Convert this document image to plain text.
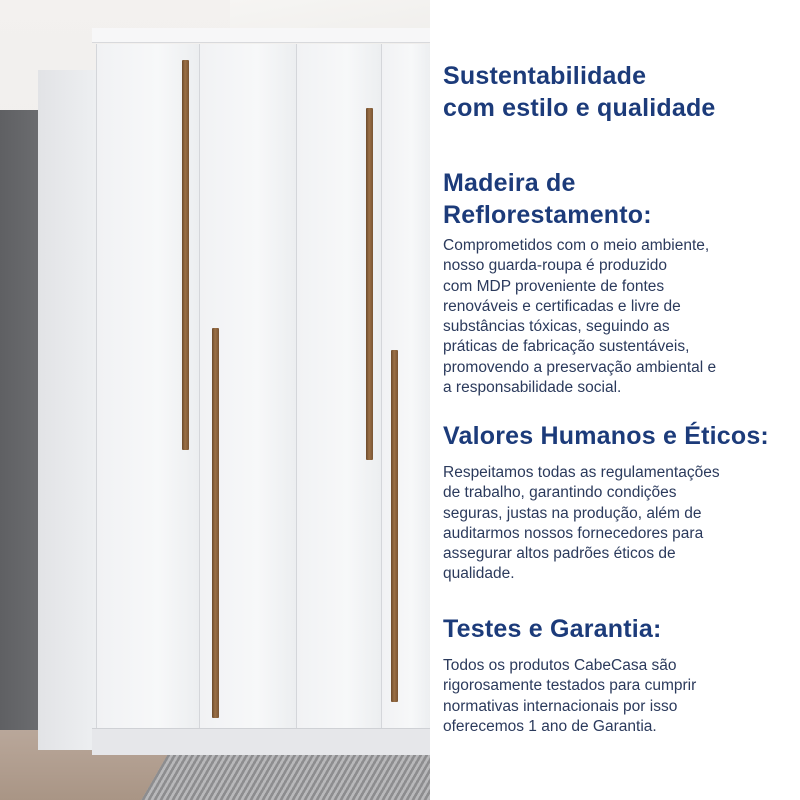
Sustentabilidade
com estilo e qualidade
Madeira de
Reflorestamento:

Comprometidos com o meio ambiente,
nosso guarda-roupa é produzido
com MDP proveniente de fontes
renováveis e certificadas e livre de
substâncias tóxicas, seguindo as
práticas de fabricação sustentáveis,
promovendo a preservação ambiental e
a responsabilidade social.

Valores Humanos e Éticos:

Respeitamos todas as regulamentações
de trabalho, garantindo condições
seguras, justas na produção, além de
auditarmos nossos fornecedores para
assegurar altos padrões éticos de
qualidade.

Testes e Garantia:

Todos os produtos CabeCasa são
rigorosamente testados para cumprir
normativas internacionais por isso
oferecemos 1 ano de Garantia.
